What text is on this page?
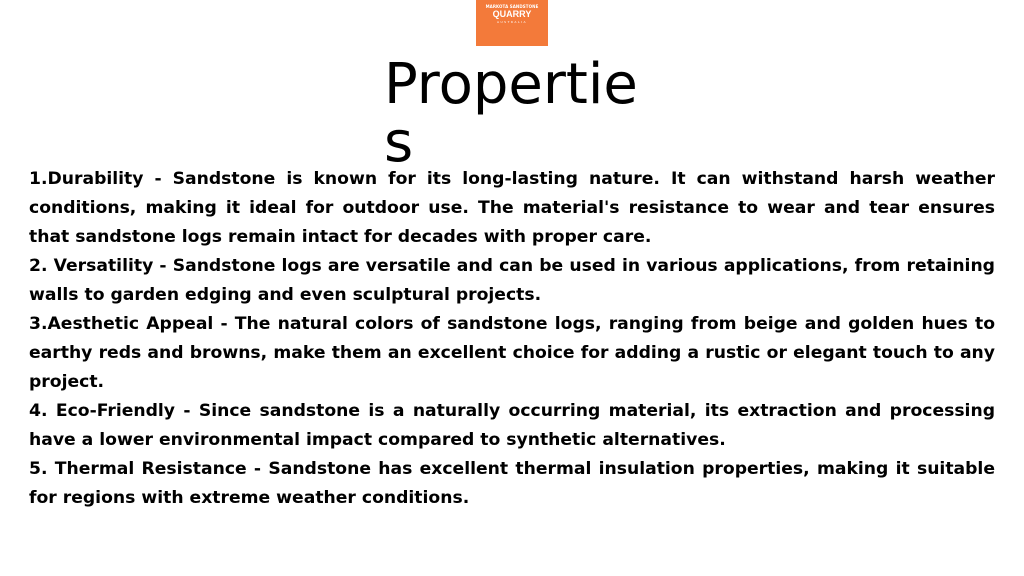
MARKOTA SANDSTONE
QUARRY
AUSTRALIA
Propertie s

1.Durability - Sandstone is known for its long-lasting nature. It can withstand harsh weather conditions, making it ideal for outdoor use. The material's resistance to wear and tear ensures that sandstone logs remain intact for decades with proper care.

2. Versatility - Sandstone logs are versatile and can be used in various applications, from retaining walls to garden edging and even sculptural projects.

3.Aesthetic Appeal - The natural colors of sandstone logs, ranging from beige and golden hues to earthy reds and browns, make them an excellent choice for adding a rustic or elegant touch to any project.

4. Eco-Friendly - Since sandstone is a naturally occurring material, its extraction and processing have a lower environmental impact compared to synthetic alternatives.

5. Thermal Resistance - Sandstone has excellent thermal insulation properties, making it suitable for regions with extreme weather conditions.
